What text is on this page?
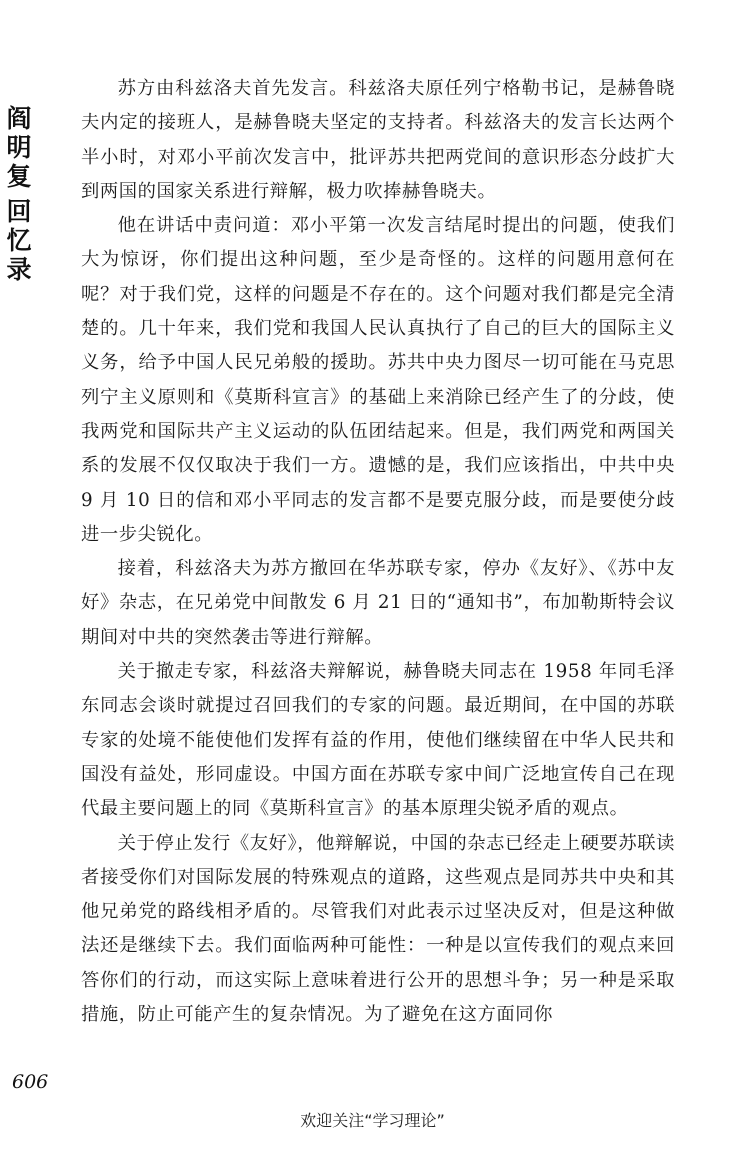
阎
明
复
回
忆
录

苏方由科兹洛夫首先发言。科兹洛夫原任列宁格勒书记，是赫鲁晓夫内定的接班人，是赫鲁晓夫坚定的支持者。科兹洛夫的发言长达两个半小时，对邓小平前次发言中，批评苏共把两党间的意识形态分歧扩大到两国的国家关系进行辩解，极力吹捧赫鲁晓夫。

他在讲话中责问道：邓小平第一次发言结尾时提出的问题，使我们大为惊讶，你们提出这种问题，至少是奇怪的。这样的问题用意何在呢？对于我们党，这样的问题是不存在的。这个问题对我们都是完全清楚的。几十年来，我们党和我国人民认真执行了自己的巨大的国际主义义务，给予中国人民兄弟般的援助。苏共中央力图尽一切可能在马克思列宁主义原则和《莫斯科宣言》的基础上来消除已经产生了的分歧，使我两党和国际共产主义运动的队伍团结起来。但是，我们两党和两国关系的发展不仅仅取决于我们一方。遗憾的是，我们应该指出，中共中央 9 月 10 日的信和邓小平同志的发言都不是要克服分歧，而是要使分歧进一步尖锐化。

接着，科兹洛夫为苏方撤回在华苏联专家，停办《友好》、《苏中友好》杂志，在兄弟党中间散发 6 月 21 日的“通知书”，布加勒斯特会议期间对中共的突然袭击等进行辩解。

关于撤走专家，科兹洛夫辩解说，赫鲁晓夫同志在 1958 年同毛泽东同志会谈时就提过召回我们的专家的问题。最近期间，在中国的苏联专家的处境不能使他们发挥有益的作用，使他们继续留在中华人民共和国没有益处，形同虚设。中国方面在苏联专家中间广泛地宣传自己在现代最主要问题上的同《莫斯科宣言》的基本原理尖锐矛盾的观点。

关于停止发行《友好》，他辩解说，中国的杂志已经走上硬要苏联读者接受你们对国际发展的特殊观点的道路，这些观点是同苏共中央和其他兄弟党的路线相矛盾的。尽管我们对此表示过坚决反对，但是这种做法还是继续下去。我们面临两种可能性：一种是以宣传我们的观点来回答你们的行动，而这实际上意味着进行公开的思想斗争；另一种是采取措施，防止可能产生的复杂情况。为了避免在这方面同你

606
欢迎关注“学习理论”
